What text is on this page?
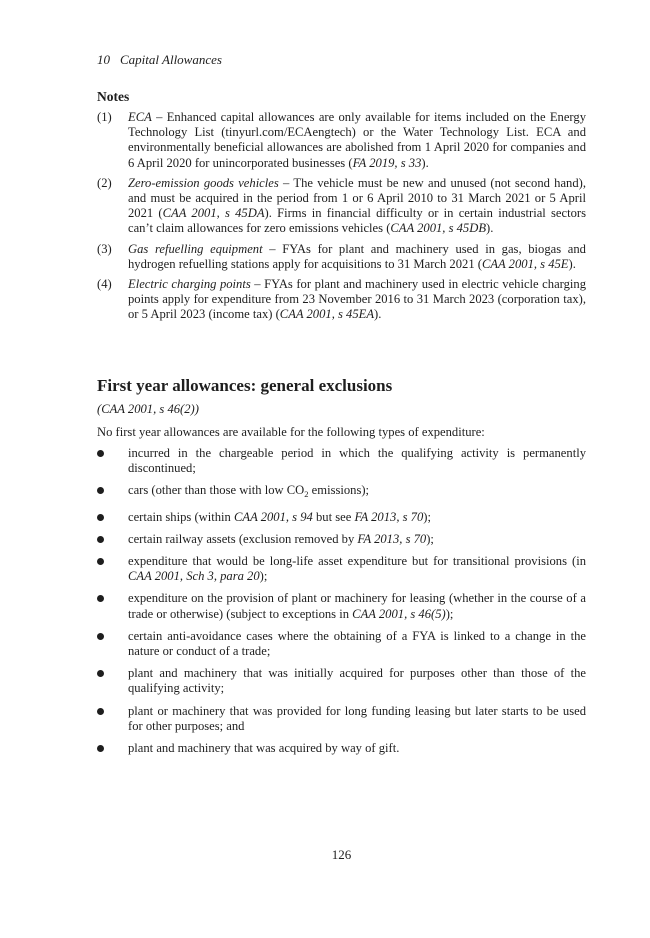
10 Capital Allowances
Notes
(1) ECA – Enhanced capital allowances are only available for items included on the Energy Technology List (tinyurl.com/ECAengtech) or the Water Technology List. ECA and environmentally beneficial allowances are abolished from 1 April 2020 for companies and 6 April 2020 for unincorporated businesses (FA 2019, s 33).
(2) Zero-emission goods vehicles – The vehicle must be new and unused (not second hand), and must be acquired in the period from 1 or 6 April 2010 to 31 March 2021 or 5 April 2021 (CAA 2001, s 45DA). Firms in financial difficulty or in certain industrial sectors can’t claim allowances for zero emissions vehicles (CAA 2001, s 45DB).
(3) Gas refuelling equipment – FYAs for plant and machinery used in gas, biogas and hydrogen refuelling stations apply for acquisitions to 31 March 2021 (CAA 2001, s 45E).
(4) Electric charging points – FYAs for plant and machinery used in electric vehicle charging points apply for expenditure from 23 November 2016 to 31 March 2023 (corporation tax), or 5 April 2023 (income tax) (CAA 2001, s 45EA).
First year allowances: general exclusions
(CAA 2001, s 46(2))
No first year allowances are available for the following types of expenditure:
incurred in the chargeable period in which the qualifying activity is permanently discontinued;
cars (other than those with low $CO_2$ emissions);
certain ships (within CAA 2001, s 94 but see FA 2013, s 70);
certain railway assets (exclusion removed by FA 2013, s 70);
expenditure that would be long-life asset expenditure but for transitional provisions (in CAA 2001, Sch 3, para 20);
expenditure on the provision of plant or machinery for leasing (whether in the course of a trade or otherwise) (subject to exceptions in CAA 2001, s 46(5));
certain anti-avoidance cases where the obtaining of a FYA is linked to a change in the nature or conduct of a trade;
plant and machinery that was initially acquired for purposes other than those of the qualifying activity;
plant or machinery that was provided for long funding leasing but later starts to be used for other purposes; and
plant and machinery that was acquired by way of gift.
126
